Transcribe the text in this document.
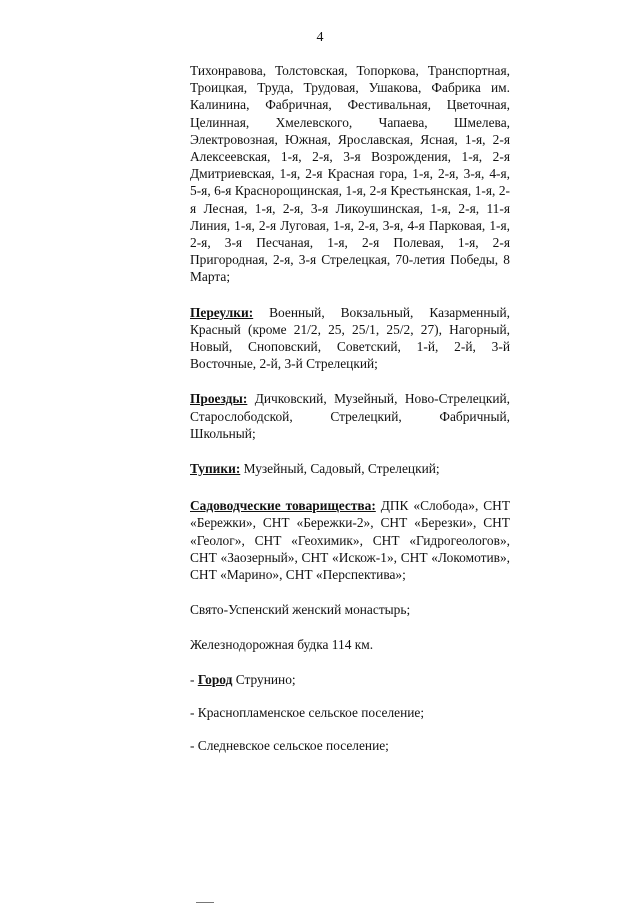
4

Тихонравова, Толстовская, Топоркова, Транспортная, Троицкая, Труда, Трудовая, Ушакова, Фабрика им. Калинина, Фабричная, Фестивальная, Цветочная, Целинная, Хмелевского, Чапаева, Шмелева, Электровозная, Южная, Ярославская, Ясная, 1-я, 2-я Алексеевская, 1-я, 2-я, 3-я Возрождения, 1-я, 2-я Дмитриевская, 1-я, 2-я Красная гора, 1-я, 2-я, 3-я, 4-я, 5-я, 6-я Краснорощинская, 1-я, 2-я Крестьянская, 1-я, 2-я Лесная, 1-я, 2-я, 3-я Ликоушинская, 1-я, 2-я, 11-я Линия, 1-я, 2-я Луговая, 1-я, 2-я, 3-я, 4-я Парковая, 1-я, 2-я, 3-я Песчаная, 1-я, 2-я Полевая, 1-я, 2-я Пригородная, 2-я, 3-я Стрелецкая, 70-летия Победы, 8 Марта;

Переулки: Военный, Вокзальный, Казарменный, Красный (кроме 21/2, 25, 25/1, 25/2, 27), Нагорный, Новый, Сноповский, Советский, 1-й, 2-й, 3-й Восточные, 2-й, 3-й Стрелецкий;

Проезды: Дичковский, Музейный, Ново-Стрелецкий, Старослободской, Стрелецкий, Фабричный, Школьный;

Тупики: Музейный, Садовый, Стрелецкий;

Садоводческие товарищества: ДПК «Слобода», СНТ «Бережки», СНТ «Бережки-2», СНТ «Березки», СНТ «Геолог», СНТ «Геохимик», СНТ «Гидрогеологов», СНТ «Заозерный», СНТ «Искож-1», СНТ «Локомотив», СНТ «Марино», СНТ «Перспектива»;

Свято-Успенский женский монастырь;

Железнодорожная будка 114 км.

- Город Струнино;

- Краснопламенское сельское поселение;

- Следневское сельское поселение;
